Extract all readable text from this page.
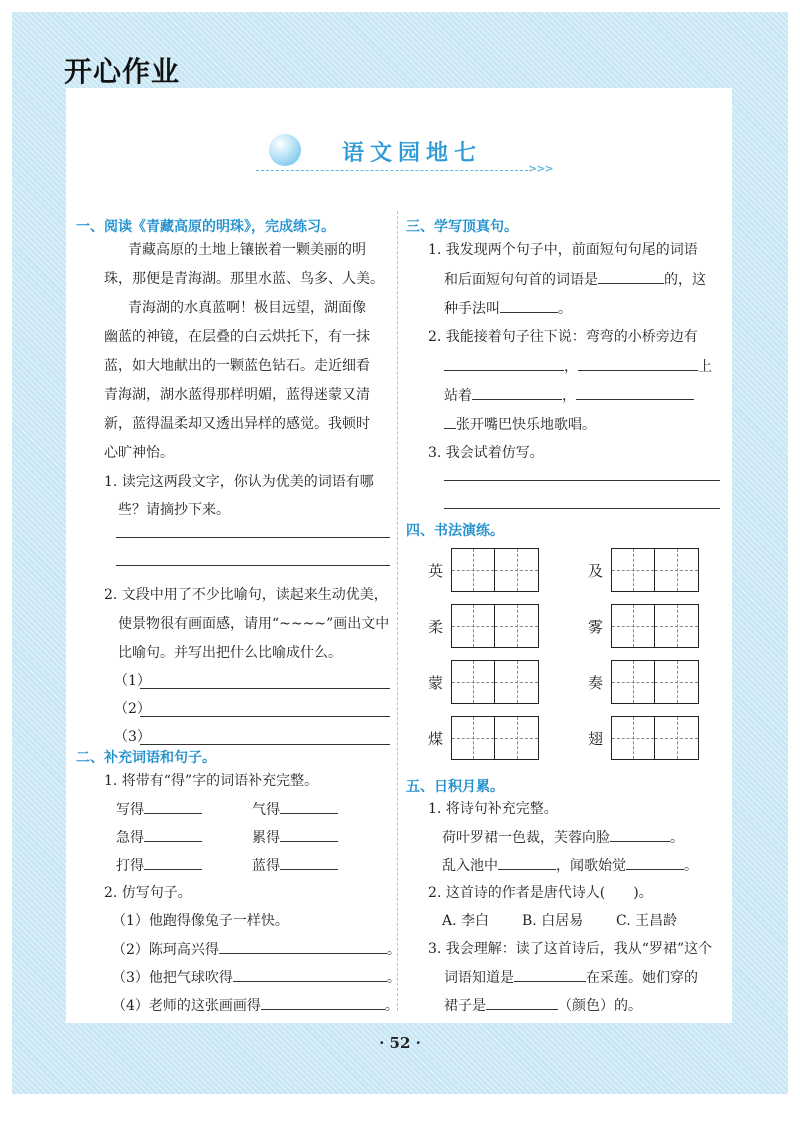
开心作业
语文园地七
>>>
一、阅读《青藏高原的明珠》，完成练习。
青藏高原的土地上镶嵌着一颗美丽的明
珠，那便是青海湖。那里水蓝、鸟多、人美。
青海湖的水真蓝啊！极目远望，湖面像
幽蓝的神镜，在层叠的白云烘托下，有一抹
蓝，如大地献出的一颗蓝色钻石。走近细看
青海湖，湖水蓝得那样明媚，蓝得迷蒙又清
新，蓝得温柔却又透出异样的感觉。我顿时
心旷神怡。
1. 读完这两段文字，你认为优美的词语有哪
些？请摘抄下来。
2. 文段中用了不少比喻句，读起来生动优美，
使景物很有画面感，请用“~~~~”画出文中
比喻句。并写出把什么比喻成什么。
（1）
（2）
（3）
二、补充词语和句子。
1. 将带有“得”字的词语补充完整。
写得	气得
急得	累得
打得	蓝得
2. 仿写句子。
（1）他跑得像兔子一样快。
（2）陈珂高兴得	。
（3）他把气球吹得	。
（4）老师的这张画画得	。
三、学写顶真句。
1. 我发现两个句子中，前面短句句尾的词语
和后面短句句首的词语是	的，这
种手法叫	。
2. 我能接着句子往下说：弯弯的小桥旁边有
，	上
站着	，
张开嘴巴快乐地歌唱。
3. 我会试着仿写。
四、书法演练。
英	及
柔	雾
蒙	奏
煤	翅
五、日积月累。
1. 将诗句补充完整。
荷叶罗裙一色裁，芙蓉向脸	。
乱入池中	，闻歌始觉	。
2. 这首诗的作者是唐代诗人(　　)。
A. 李白 B. 白居易 C. 王昌龄
3. 我会理解：读了这首诗后，我从“罗裙”这个
词语知道是	在采莲。她们穿的
裙子是	（颜色）的。
· 52 ·
